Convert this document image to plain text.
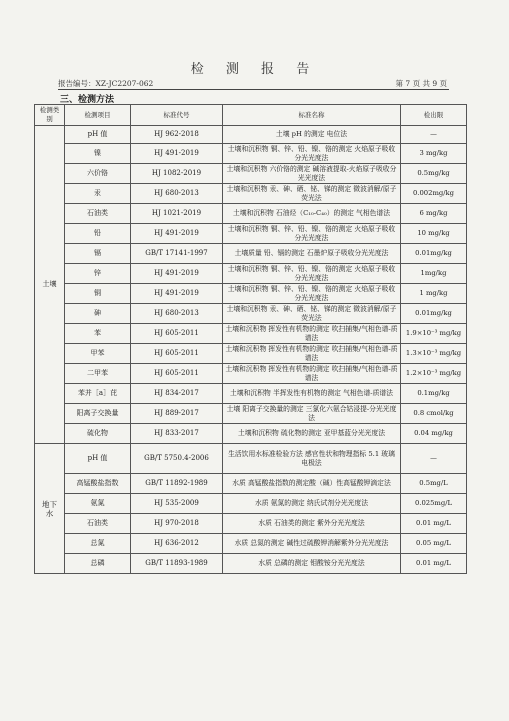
检 测 报 告
报告编号：XZ-JC2207-062	第 7 页 共 9 页
三、检测方法
检测类别	检测项目	标准代号	标准名称	检出限
土壤	pH 值	HJ 962-2018	土壤 pH 的测定 电位法	—
	镍	HJ 491-2019	土壤和沉积物 铜、锌、铅、镍、铬的测定 火焰原子吸收分光光度法	3 mg/kg
	六价铬	HJ 1082-2019	土壤和沉积物 六价铬的测定 碱溶液提取-火焰原子吸收分光光度法	0.5mg/kg
	汞	HJ 680-2013	土壤和沉积物 汞、砷、硒、铋、锑的测定 微波消解/原子荧光法	0.002mg/kg
	石油类	HJ 1021-2019	土壤和沉积物 石油烃（C₁₀-C₄₀）的测定 气相色谱法	6 mg/kg
	铅	HJ 491-2019	土壤和沉积物 铜、锌、铅、镍、铬的测定 火焰原子吸收分光光度法	10 mg/kg
	镉	GB/T 17141-1997	土壤质量 铅、镉的测定 石墨炉原子吸收分光光度法	0.01mg/kg
	锌	HJ 491-2019	土壤和沉积物 铜、锌、铅、镍、铬的测定 火焰原子吸收分光光度法	1mg/kg
	铜	HJ 491-2019	土壤和沉积物 铜、锌、铅、镍、铬的测定 火焰原子吸收分光光度法	1 mg/kg
	砷	HJ 680-2013	土壤和沉积物 汞、砷、硒、铋、锑的测定 微波消解/原子荧光法	0.01mg/kg
	苯	HJ 605-2011	土壤和沉积物 挥发性有机物的测定 吹扫捕集/气相色谱-质谱法	1.9×10⁻³ mg/kg
	甲苯	HJ 605-2011	土壤和沉积物 挥发性有机物的测定 吹扫捕集/气相色谱-质谱法	1.3×10⁻³ mg/kg
	二甲苯	HJ 605-2011	土壤和沉积物 挥发性有机物的测定 吹扫捕集/气相色谱-质谱法	1.2×10⁻³ mg/kg
	苯并［a］芘	HJ 834-2017	土壤和沉积物 半挥发性有机物的测定 气相色谱-质谱法	0.1mg/kg
	阳离子交换量	HJ 889-2017	土壤 阳离子交换量的测定 三氯化六氨合钴浸提-分光光度法	0.8 cmol/kg
	硫化物	HJ 833-2017	土壤和沉积物 硫化物的测定 亚甲基蓝分光光度法	0.04 mg/kg
地下水	pH 值	GB/T 5750.4-2006	生活饮用水标准检验方法 感官性状和物理指标 5.1 玻璃电极法	—
	高锰酸盐指数	GB/T 11892-1989	水质 高锰酸盐指数的测定酸（碱）性高锰酸钾滴定法	0.5mg/L
	氨氮	HJ 535-2009	水质 氨氮的测定 纳氏试剂分光光度法	0.025mg/L
	石油类	HJ 970-2018	水质 石油类的测定 紫外分光光度法	0.01 mg/L
	总氮	HJ 636-2012	水质 总氮的测定 碱性过硫酸钾消解紫外分光光度法	0.05 mg/L
	总磷	GB/T 11893-1989	水质 总磷的测定 钼酸铵分光光度法	0.01 mg/L
